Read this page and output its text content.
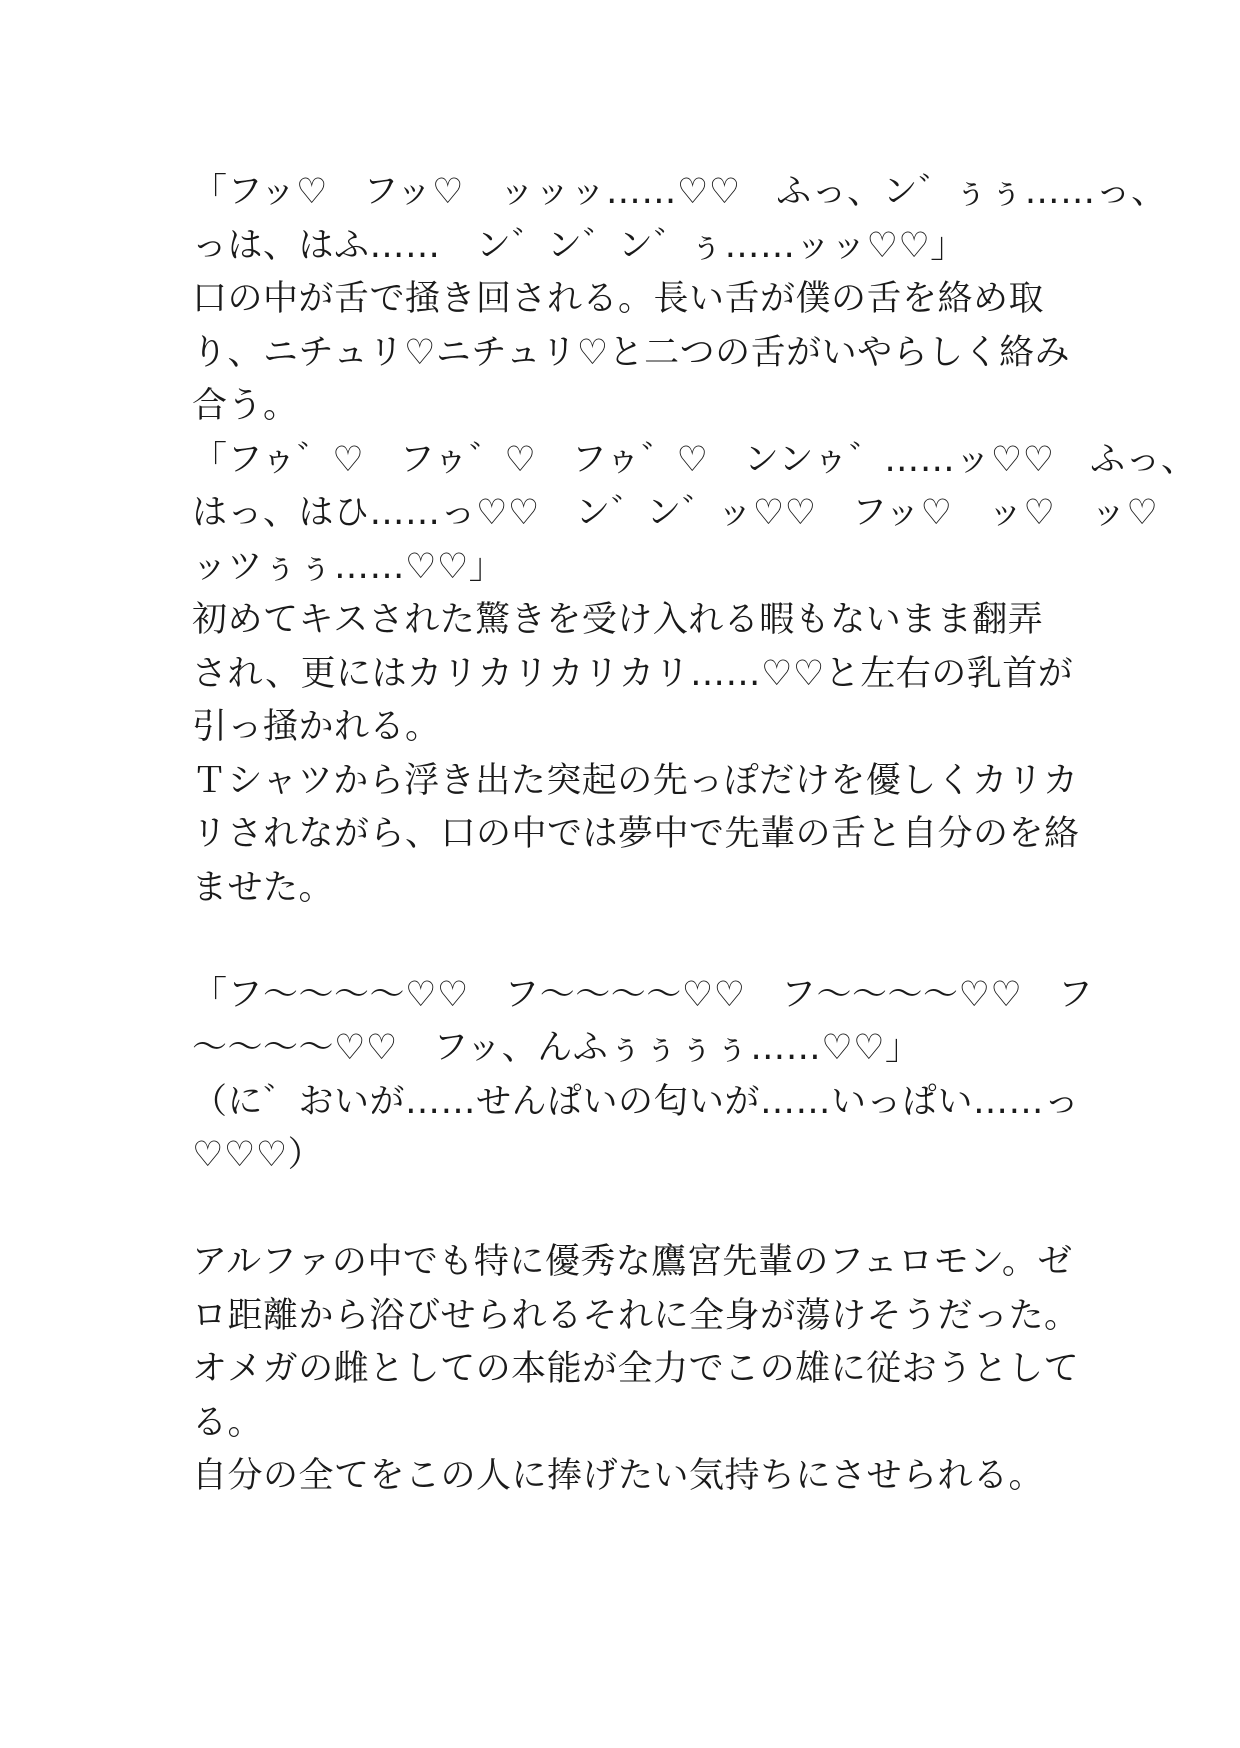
「フッ♡　フッ♡　ッッッ……♡♡　ふっ、ン゛ぅぅ……っ、
っは、はふ……　ン゛ン゛ン゛ぅ……ッッ♡♡」
口の中が舌で掻き回される。長い舌が僕の舌を絡め取
り、ニチュリ♡ニチュリ♡と二つの舌がいやらしく絡み
合う。
「フゥ゛♡　フゥ゛♡　フゥ゛♡　ンンゥ゛……ッ♡♡　ふっ、
はっ、はひ……っ♡♡　ン゛ン゛ッ♡♡　フッ♡　ッ♡　ッ♡
ッツぅぅ……♡♡」
初めてキスされた驚きを受け入れる暇もないまま翻弄
され、更にはカリカリカリカリ……♡♡と左右の乳首が
引っ掻かれる。
Ｔシャツから浮き出た突起の先っぽだけを優しくカリカ
リされながら、口の中では夢中で先輩の舌と自分のを絡
ませた。
「フ〜〜〜〜♡♡　フ〜〜〜〜♡♡　フ〜〜〜〜♡♡　フ
〜〜〜〜♡♡　フッ、んふぅぅぅぅ……♡♡」
（に゛おいが……せんぱいの匂いが……いっぱい……っ
♡♡♡）
アルファの中でも特に優秀な鷹宮先輩のフェロモン。ゼ
ロ距離から浴びせられるそれに全身が蕩けそうだった。
オメガの雌としての本能が全力でこの雄に従おうとして
る。
自分の全てをこの人に捧げたい気持ちにさせられる。
